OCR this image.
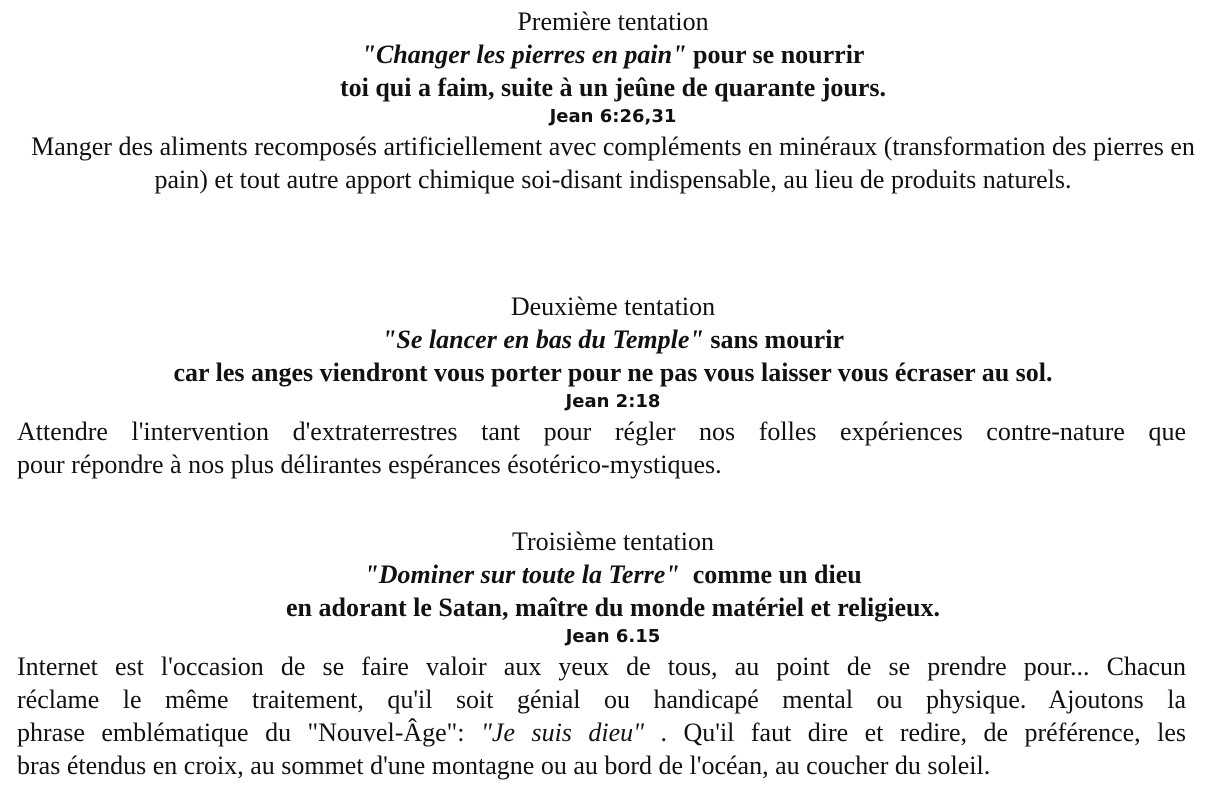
Première tentation
"Changer les pierres en pain" pour se nourrir
toi qui a faim, suite à un jeûne de quarante jours.
Jean 6:26,31
Manger des aliments recomposés artificiellement avec compléments en minéraux (transformation des pierres en pain) et tout autre apport chimique soi-disant indispensable, au lieu de produits naturels.
Deuxième tentation
"Se lancer en bas du Temple" sans mourir
car les anges viendront vous porter pour ne pas vous laisser vous écraser au sol.
Jean 2:18
Attendre l'intervention d'extraterrestres tant pour régler nos folles expériences contre-nature que
pour répondre à nos plus délirantes espérances ésotérico-mystiques.
Troisième tentation
"Dominer sur toute la Terre"  comme un dieu
en adorant le Satan, maître du monde matériel et religieux.
Jean 6.15
Internet est l'occasion de se faire valoir aux yeux de tous, au point de se prendre pour... Chacun
réclame le même traitement, qu'il soit génial ou handicapé mental ou physique. Ajoutons la
phrase emblématique du "Nouvel-Âge": "Je suis dieu" . Qu'il faut dire et redire, de préférence, les
bras étendus en croix, au sommet d'une montagne ou au bord de l'océan, au coucher du soleil.
